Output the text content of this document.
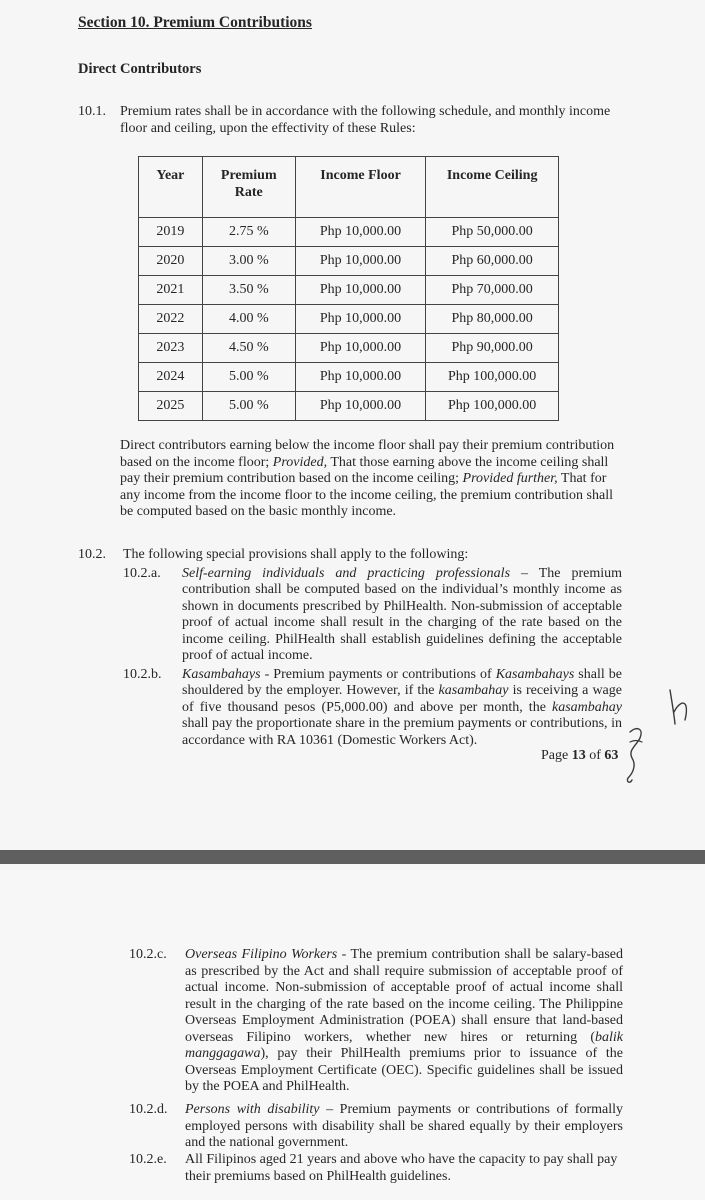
Section 10. Premium Contributions
Direct Contributors
10.1. Premium rates shall be in accordance with the following schedule, and monthly income floor and ceiling, upon the effectivity of these Rules:
Year	Premium Rate	Income Floor	Income Ceiling
2019	2.75 %	Php 10,000.00	Php 50,000.00
2020	3.00 %	Php 10,000.00	Php 60,000.00
2021	3.50 %	Php 10,000.00	Php 70,000.00
2022	4.00 %	Php 10,000.00	Php 80,000.00
2023	4.50 %	Php 10,000.00	Php 90,000.00
2024	5.00 %	Php 10,000.00	Php 100,000.00
2025	5.00 %	Php 10,000.00	Php 100,000.00
Direct contributors earning below the income floor shall pay their premium contribution based on the income floor; Provided, That those earning above the income ceiling shall pay their premium contribution based on the income ceiling; Provided further, That for any income from the income floor to the income ceiling, the premium contribution shall be computed based on the basic monthly income.
10.2. The following special provisions shall apply to the following:
10.2.a. Self-earning individuals and practicing professionals – The premium contribution shall be computed based on the individual’s monthly income as shown in documents prescribed by PhilHealth. Non-submission of acceptable proof of actual income shall result in the charging of the rate based on the income ceiling. PhilHealth shall establish guidelines defining the acceptable proof of actual income.
10.2.b. Kasambahays - Premium payments or contributions of Kasambahays shall be shouldered by the employer. However, if the kasambahay is receiving a wage of five thousand pesos (P5,000.00) and above per month, the kasambahay shall pay the proportionate share in the premium payments or contributions, in accordance with RA 10361 (Domestic Workers Act).
Page 13 of 63
10.2.c. Overseas Filipino Workers - The premium contribution shall be salary-based as prescribed by the Act and shall require submission of acceptable proof of actual income. Non-submission of acceptable proof of actual income shall result in the charging of the rate based on the income ceiling. The Philippine Overseas Employment Administration (POEA) shall ensure that land-based overseas Filipino workers, whether new hires or returning (balik manggagawa), pay their PhilHealth premiums prior to issuance of the Overseas Employment Certificate (OEC). Specific guidelines shall be issued by the POEA and PhilHealth.
10.2.d. Persons with disability – Premium payments or contributions of formally employed persons with disability shall be shared equally by their employers and the national government.
10.2.e. All Filipinos aged 21 years and above who have the capacity to pay shall pay their premiums based on PhilHealth guidelines.
